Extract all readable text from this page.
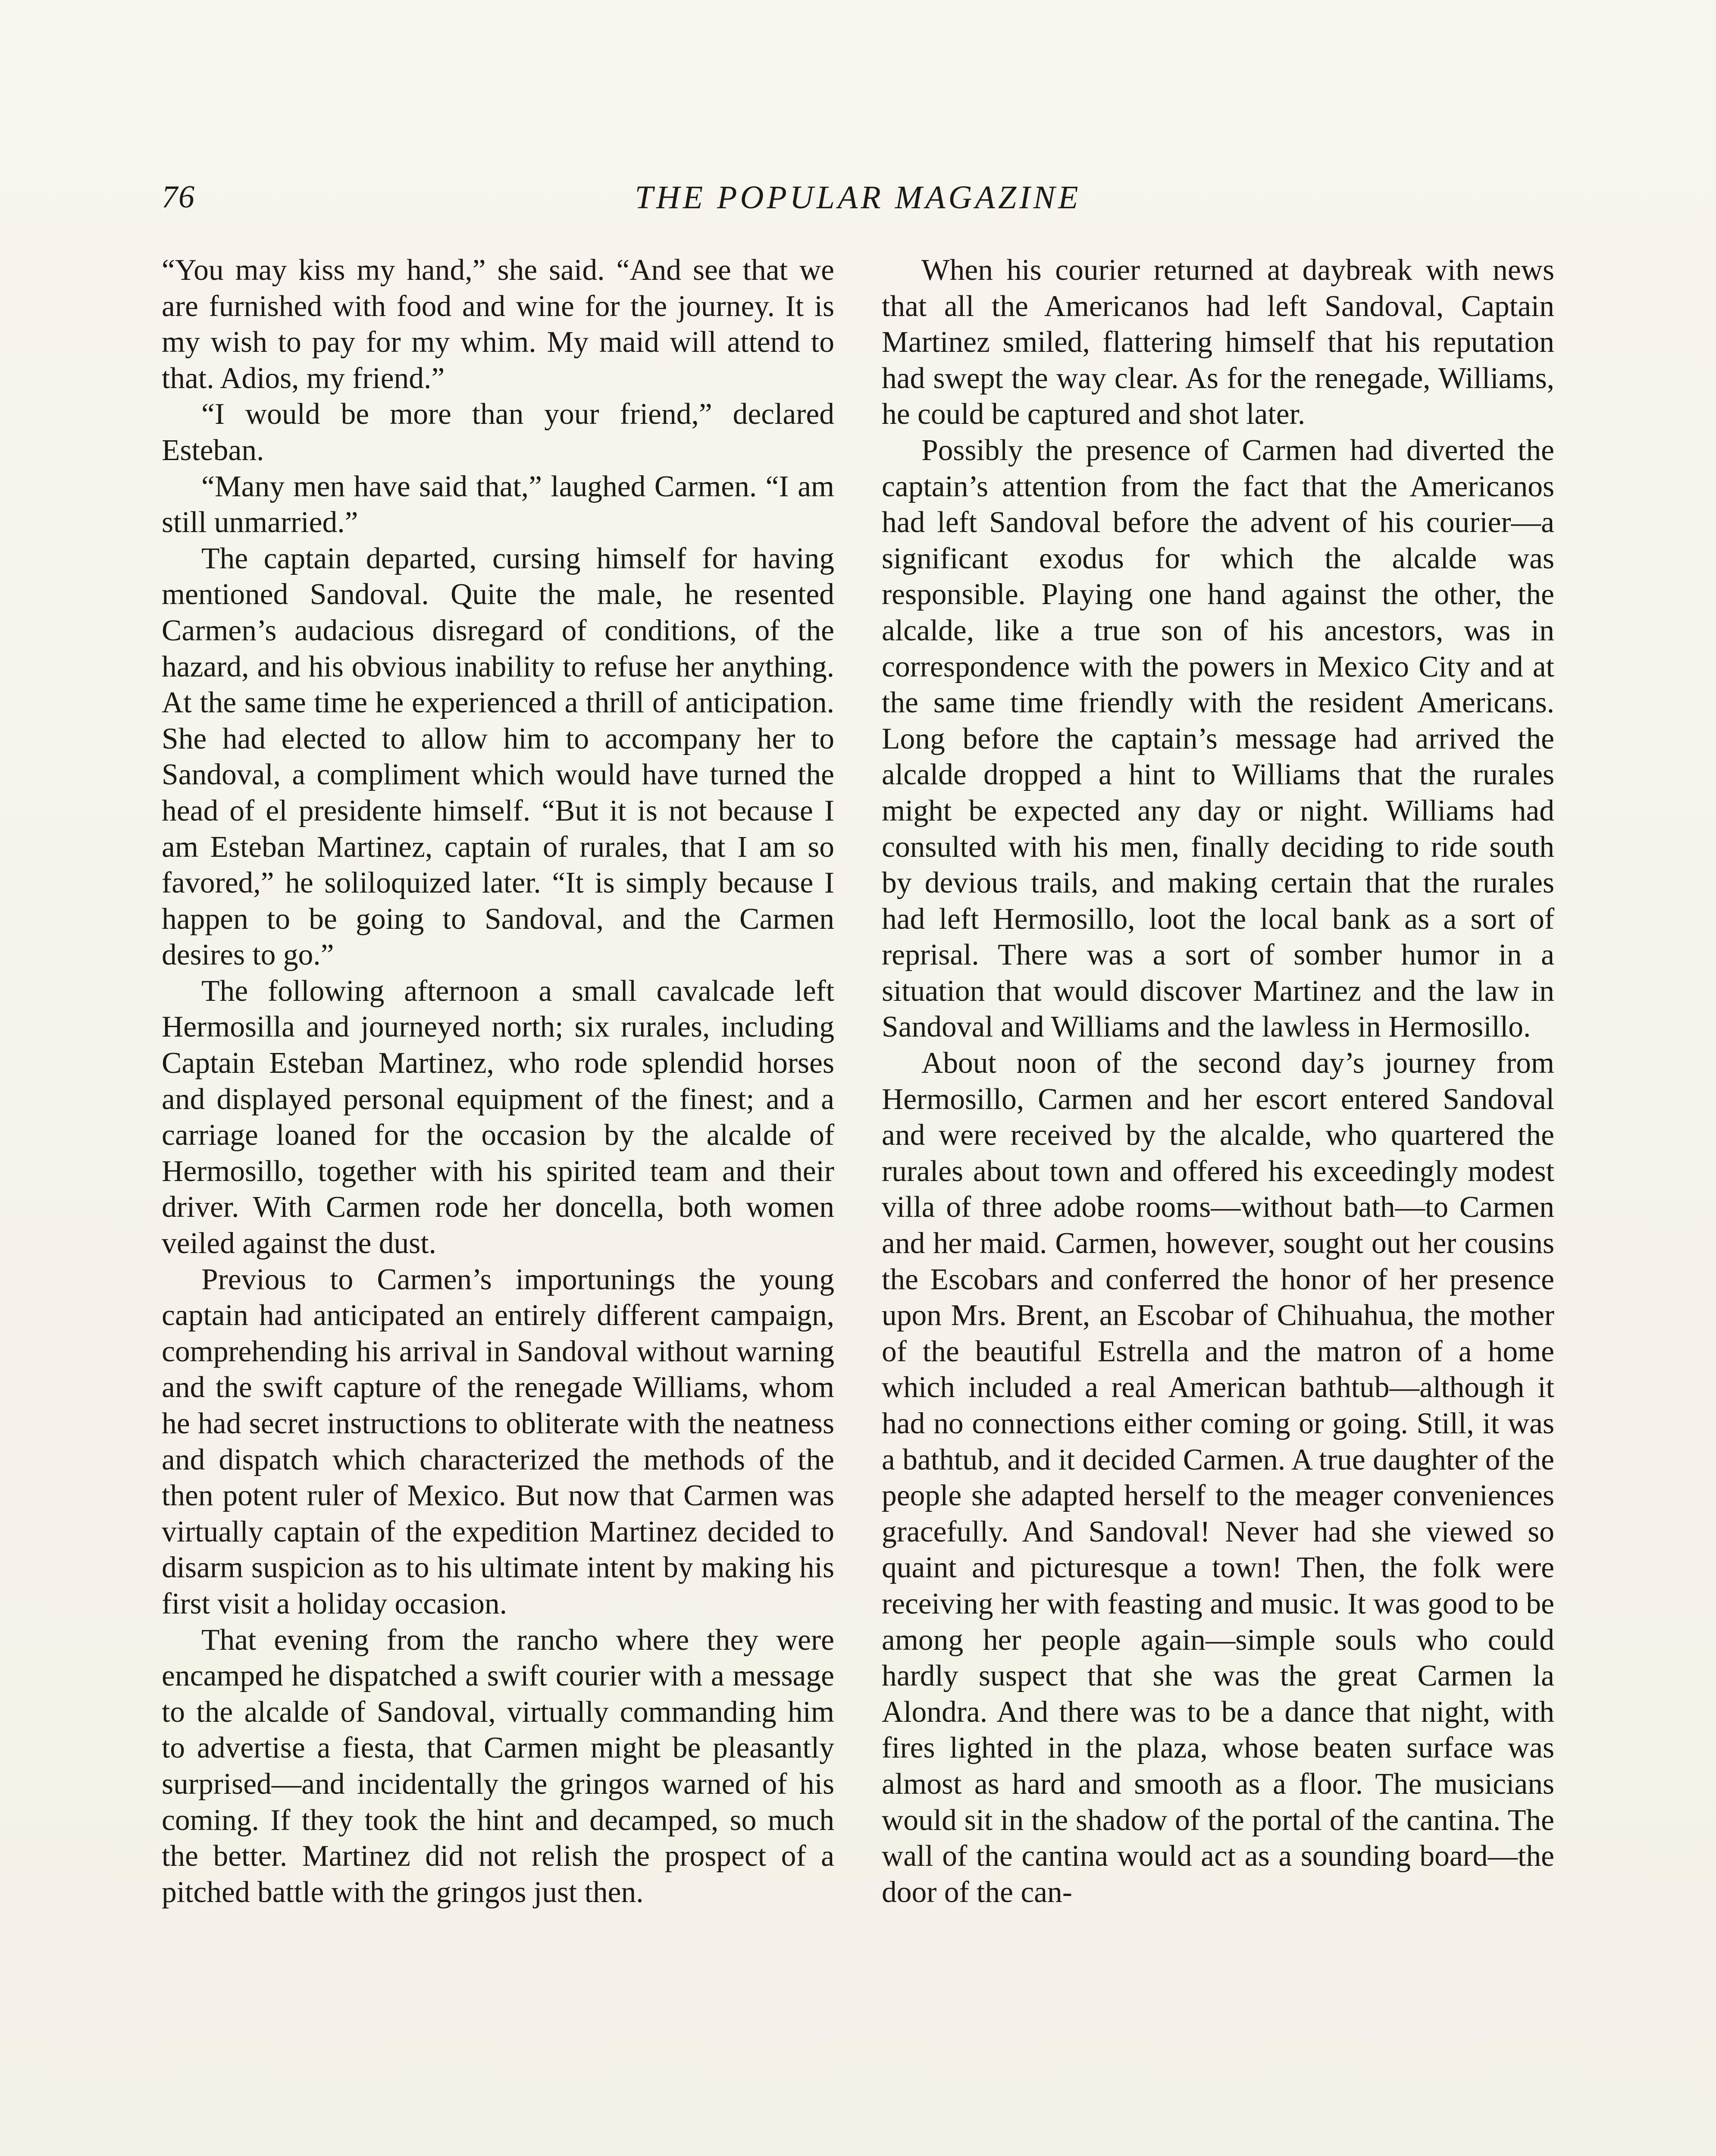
76	THE POPULAR MAGAZINE

“You may kiss my hand,” she said. “And see that we are furnished with food and wine for the journey. It is my wish to pay for my whim. My maid will attend to that. Adios, my friend.”

“I would be more than your friend,” declared Esteban.

“Many men have said that,” laughed Carmen. “I am still unmarried.”

The captain departed, cursing himself for having mentioned Sandoval. Quite the male, he resented Carmen’s audacious disregard of conditions, of the hazard, and his obvious inability to refuse her anything. At the same time he experienced a thrill of anticipation. She had elected to allow him to accompany her to Sandoval, a compliment which would have turned the head of el presidente himself. “But it is not because I am Esteban Martinez, captain of rurales, that I am so favored,” he soliloquized later. “It is simply because I happen to be going to Sandoval, and the Carmen desires to go.”

The following afternoon a small cavalcade left Hermosilla and journeyed north; six rurales, including Captain Esteban Martinez, who rode splendid horses and displayed personal equipment of the finest; and a carriage loaned for the occasion by the alcalde of Hermosillo, together with his spirited team and their driver. With Carmen rode her doncella, both women veiled against the dust.

Previous to Carmen’s importunings the young captain had anticipated an entirely different campaign, comprehending his arrival in Sandoval without warning and the swift capture of the renegade Williams, whom he had secret instructions to obliterate with the neatness and dispatch which characterized the methods of the then potent ruler of Mexico. But now that Carmen was virtually captain of the expedition Martinez decided to disarm suspicion as to his ultimate intent by making his first visit a holiday occasion.

That evening from the rancho where they were encamped he dispatched a swift courier with a message to the alcalde of Sandoval, virtually commanding him to advertise a fiesta, that Carmen might be pleasantly surprised—and incidentally the gringos warned of his coming. If they took the hint and decamped, so much the better. Martinez did not relish the prospect of a pitched battle with the gringos just then.

When his courier returned at daybreak with news that all the Americanos had left Sandoval, Captain Martinez smiled, flattering himself that his reputation had swept the way clear. As for the renegade, Williams, he could be captured and shot later.

Possibly the presence of Carmen had diverted the captain’s attention from the fact that the Americanos had left Sandoval before the advent of his courier—a significant exodus for which the alcalde was responsible. Playing one hand against the other, the alcalde, like a true son of his ancestors, was in correspondence with the powers in Mexico City and at the same time friendly with the resident Americans. Long before the captain’s message had arrived the alcalde dropped a hint to Williams that the rurales might be expected any day or night. Williams had consulted with his men, finally deciding to ride south by devious trails, and making certain that the rurales had left Hermosillo, loot the local bank as a sort of reprisal. There was a sort of somber humor in a situation that would discover Martinez and the law in Sandoval and Williams and the lawless in Hermosillo.

About noon of the second day’s journey from Hermosillo, Carmen and her escort entered Sandoval and were received by the alcalde, who quartered the rurales about town and offered his exceedingly modest villa of three adobe rooms—without bath—to Carmen and her maid. Carmen, however, sought out her cousins the Escobars and conferred the honor of her presence upon Mrs. Brent, an Escobar of Chihuahua, the mother of the beautiful Estrella and the matron of a home which included a real American bathtub—although it had no connections either coming or going. Still, it was a bathtub, and it decided Carmen. A true daughter of the people she adapted herself to the meager conveniences gracefully. And Sandoval! Never had she viewed so quaint and picturesque a town! Then, the folk were receiving her with feasting and music. It was good to be among her people again—simple souls who could hardly suspect that she was the great Carmen la Alondra. And there was to be a dance that night, with fires lighted in the plaza, whose beaten surface was almost as hard and smooth as a floor. The musicians would sit in the shadow of the portal of the cantina. The wall of the cantina would act as a sounding board—the door of the can-
